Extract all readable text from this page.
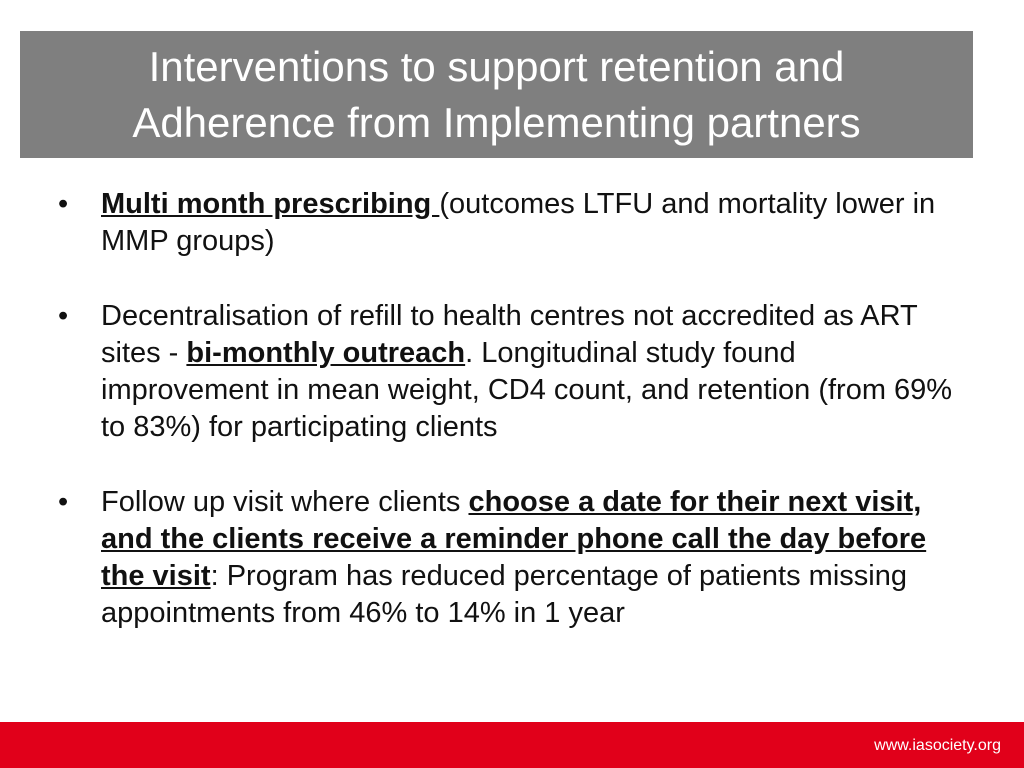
Interventions to support retention and
Adherence from Implementing partners
• Multi month prescribing (outcomes LTFU and mortality lower in MMP groups)
• Decentralisation of refill to health centres not accredited as ART sites - bi-monthly outreach. Longitudinal study found improvement in mean weight, CD4 count, and retention (from 69% to 83%) for participating clients
• Follow up visit where clients choose a date for their next visit, and the clients receive a reminder phone call the day before the visit: Program has reduced percentage of patients missing appointments from 46% to 14% in 1 year
www.iasociety.org
